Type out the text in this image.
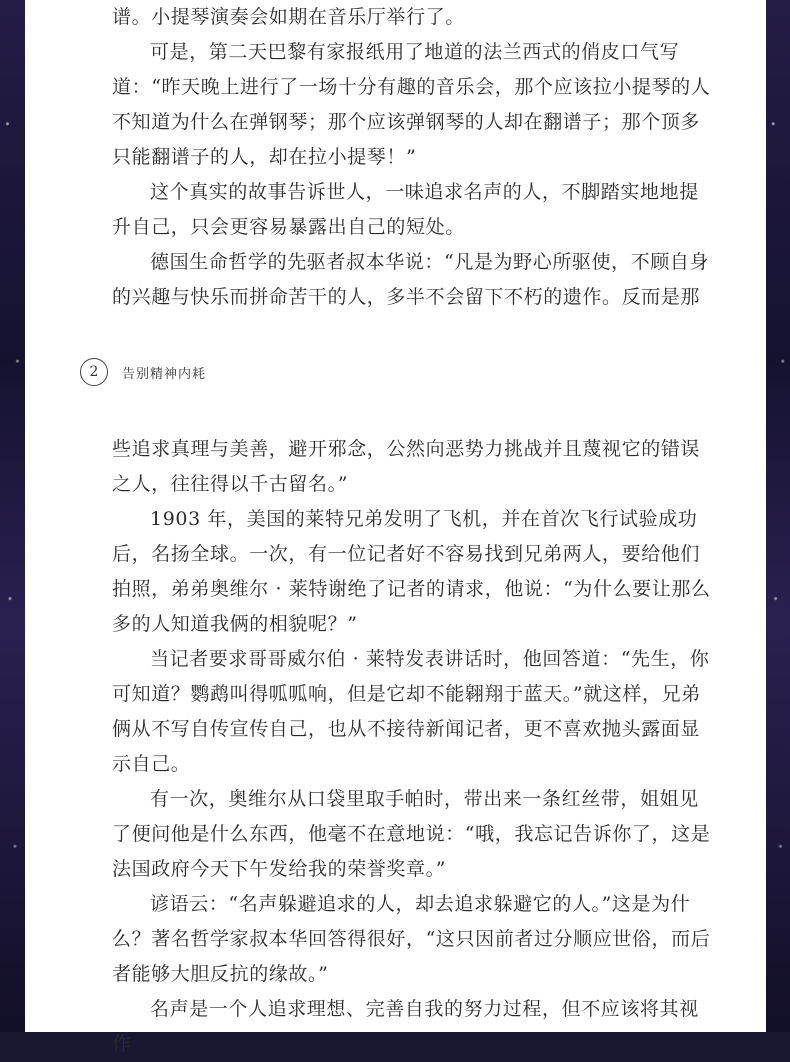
谱。小提琴演奏会如期在音乐厅举行了。

可是，第二天巴黎有家报纸用了地道的法兰西式的俏皮口气写道：“昨天晚上进行了一场十分有趣的音乐会，那个应该拉小提琴的人不知道为什么在弹钢琴；那个应该弹钢琴的人却在翻谱子；那个顶多只能翻谱子的人，却在拉小提琴！”

这个真实的故事告诉世人，一味追求名声的人，不脚踏实地地提升自己，只会更容易暴露出自己的短处。

德国生命哲学的先驱者叔本华说：“凡是为野心所驱使，不顾自身的兴趣与快乐而拼命苦干的人，多半不会留下不朽的遗作。反而是那

2	告别精神内耗

些追求真理与美善，避开邪念，公然向恶势力挑战并且蔑视它的错误之人，往往得以千古留名。”

1903 年，美国的莱特兄弟发明了飞机，并在首次飞行试验成功后，名扬全球。一次，有一位记者好不容易找到兄弟两人，要给他们拍照，弟弟奥维尔 · 莱特谢绝了记者的请求，他说：“为什么要让那么多的人知道我俩的相貌呢？”

当记者要求哥哥威尔伯 · 莱特发表讲话时，他回答道：“先生，你可知道？鹦鹉叫得呱呱响，但是它却不能翱翔于蓝天。”就这样，兄弟俩从不写自传宣传自己，也从不接待新闻记者，更不喜欢抛头露面显示自己。

有一次，奥维尔从口袋里取手帕时，带出来一条红丝带，姐姐见了便问他是什么东西，他毫不在意地说：“哦，我忘记告诉你了，这是法国政府今天下午发给我的荣誉奖章。”

谚语云：“名声躲避追求的人，却去追求躲避它的人。”这是为什么？著名哲学家叔本华回答得很好，“这只因前者过分顺应世俗，而后者能够大胆反抗的缘故。”

名声是一个人追求理想、完善自我的努力过程，但不应该将其视作
